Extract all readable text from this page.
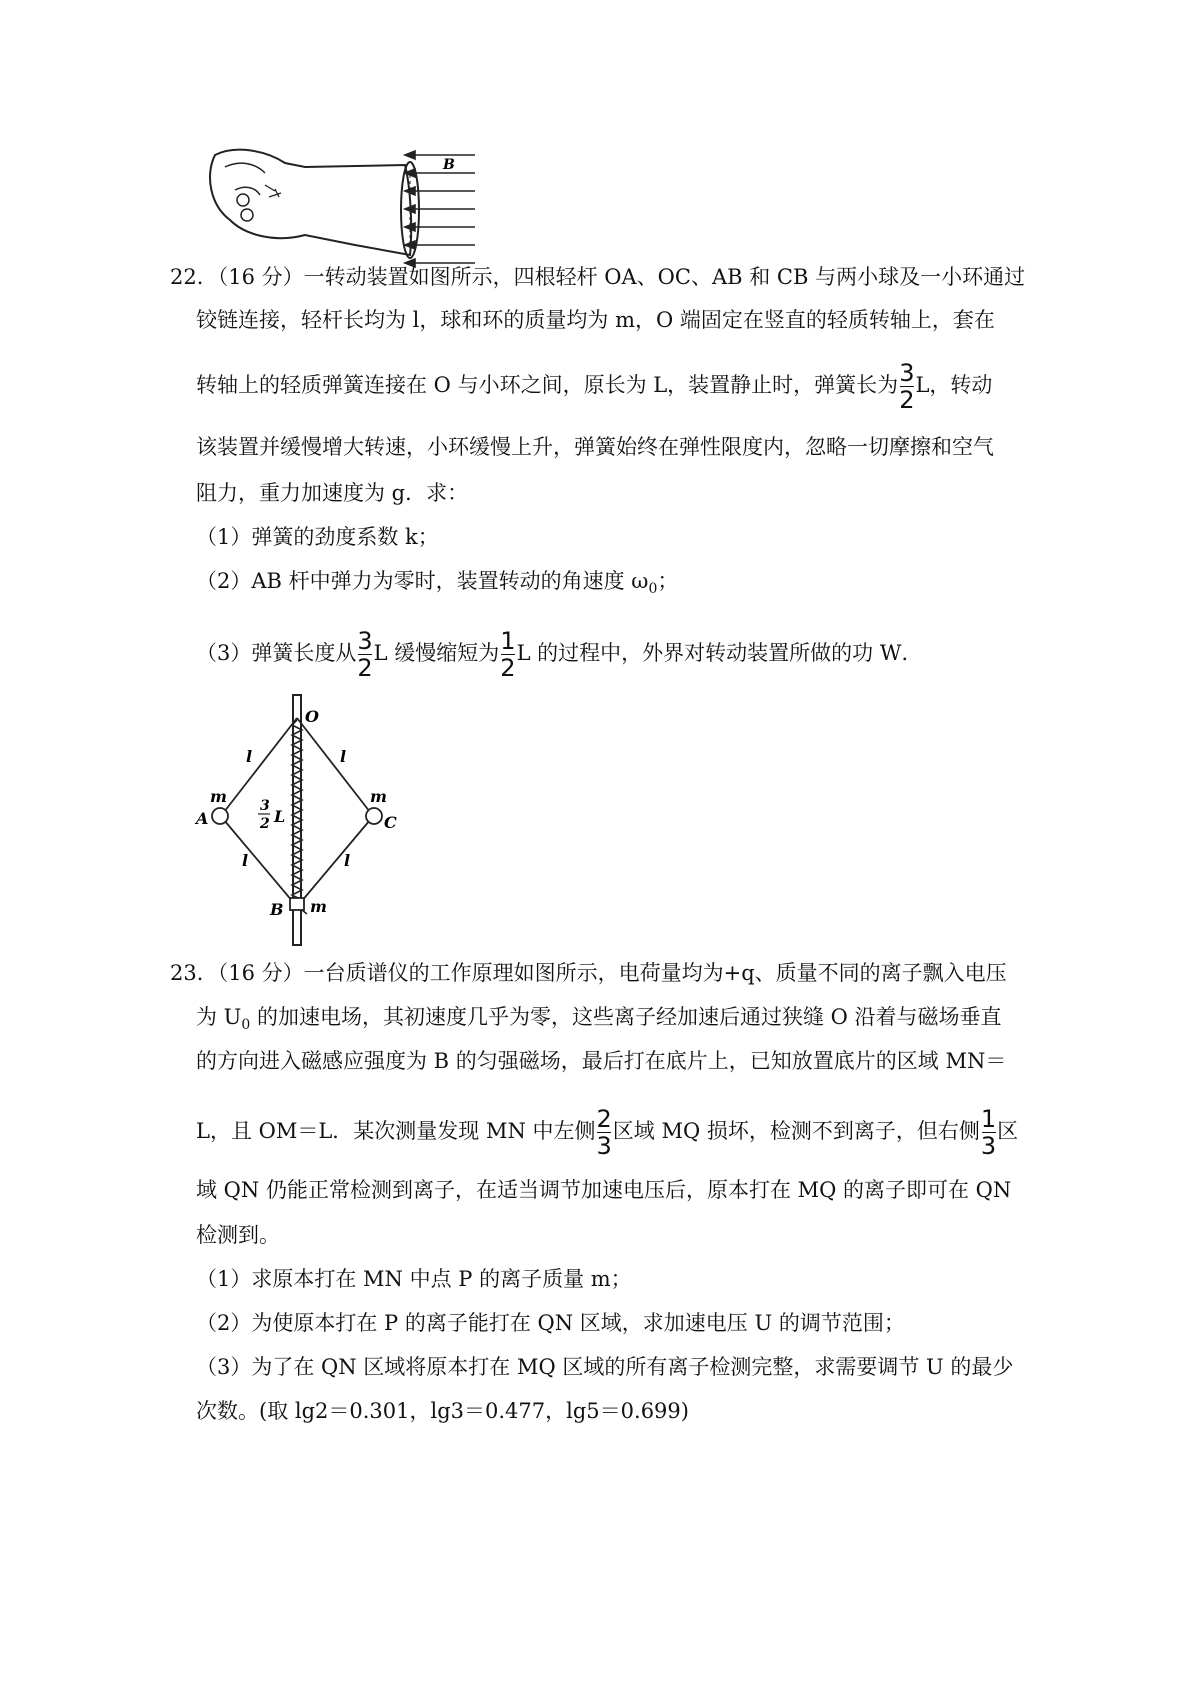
B
22．（16 分）一转动装置如图所示，四根轻杆 OA、OC、AB 和 CB 与两小球及一小环通过
铰链连接，轻杆长均为 l，球和环的质量均为 m，O 端固定在竖直的轻质转轴上，套在
转轴上的轻质弹簧连接在 O 与小环之间，原长为 L，装置静止时，弹簧长为 $\frac{3}{2}$ L，转动
该装置并缓慢增大转速，小环缓慢上升，弹簧始终在弹性限度内，忽略一切摩擦和空气
阻力，重力加速度为 g．求：
（1）弹簧的劲度系数 k；
（2）AB 杆中弹力为零时，装置转动的角速度 $\omega_0$；
（3）弹簧长度从 $\frac{3}{2}$ L 缓慢缩短为 $\frac{1}{2}$ L 的过程中，外界对转动装置所做的功 W．
O
l	l
m	m
A	C
3
2 L
l	l
B m
23．（16 分）一台质谱仪的工作原理如图所示，电荷量均为+q、质量不同的离子飘入电压
为 $U_0$ 的加速电场，其初速度几乎为零，这些离子经加速后通过狭缝 O 沿着与磁场垂直
的方向进入磁感应强度为 B 的匀强磁场，最后打在底片上，已知放置底片的区域 MN＝
L，且 OM＝L．某次测量发现 MN 中左侧 $\frac{2}{3}$ 区域 MQ 损坏，检测不到离子，但右侧 $\frac{1}{3}$ 区
域 QN 仍能正常检测到离子，在适当调节加速电压后，原本打在 MQ 的离子即可在 QN
检测到。
（1）求原本打在 MN 中点 P 的离子质量 m；
（2）为使原本打在 P 的离子能打在 QN 区域，求加速电压 U 的调节范围；
（3）为了在 QN 区域将原本打在 MQ 区域的所有离子检测完整，求需要调节 U 的最少
次数。(取 lg2＝0.301，lg3＝0.477，lg5＝0.699)
